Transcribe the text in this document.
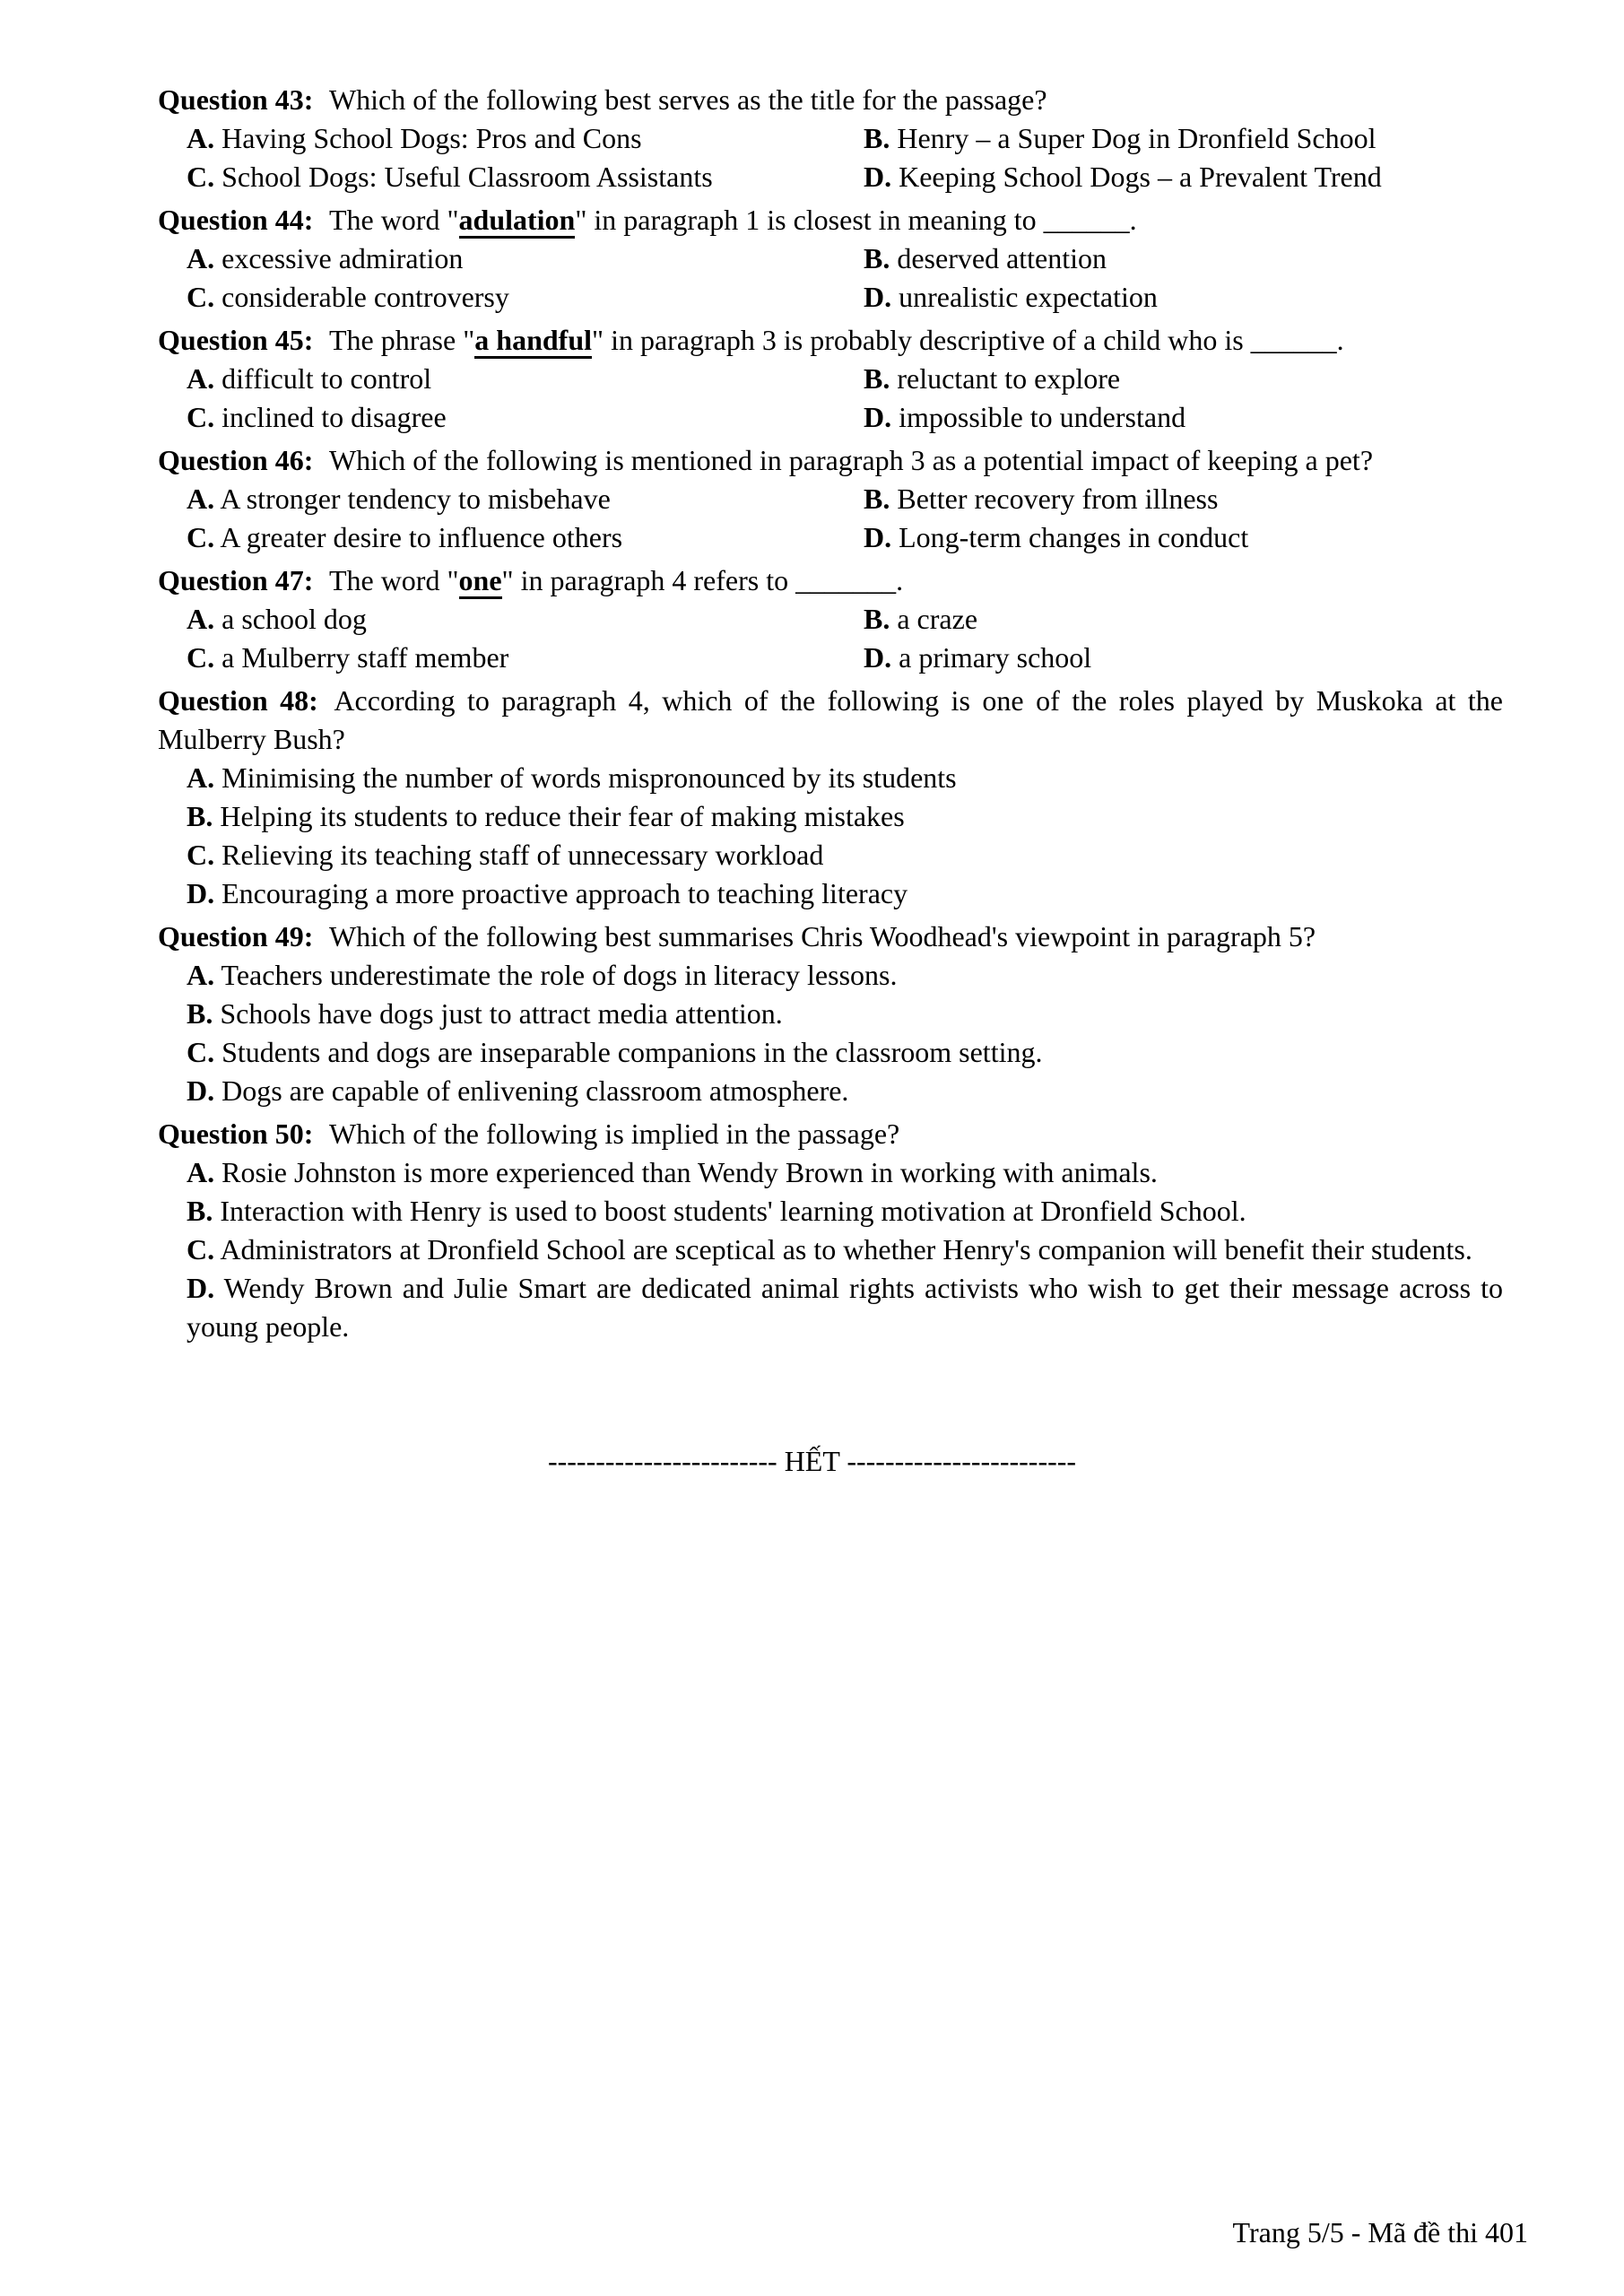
Question 43: Which of the following best serves as the title for the passage?

A. Having School Dogs: Pros and Cons	B. Henry – a Super Dog in Dronfield School
C. School Dogs: Useful Classroom Assistants	D. Keeping School Dogs – a Prevalent Trend

Question 44: The word "adulation" in paragraph 1 is closest in meaning to ______.

A. excessive admiration	B. deserved attention
C. considerable controversy	D. unrealistic expectation

Question 45: The phrase "a handful" in paragraph 3 is probably descriptive of a child who is ______.

A. difficult to control	B. reluctant to explore
C. inclined to disagree	D. impossible to understand

Question 46: Which of the following is mentioned in paragraph 3 as a potential impact of keeping a pet?

A. A stronger tendency to misbehave	B. Better recovery from illness
C. A greater desire to influence others	D. Long-term changes in conduct

Question 47: The word "one" in paragraph 4 refers to _______.

A. a school dog	B. a craze
C. a Mulberry staff member	D. a primary school

Question 48: According to paragraph 4, which of the following is one of the roles played by Muskoka at the Mulberry Bush?

A. Minimising the number of words mispronounced by its students

B. Helping its students to reduce their fear of making mistakes

C. Relieving its teaching staff of unnecessary workload

D. Encouraging a more proactive approach to teaching literacy

Question 49: Which of the following best summarises Chris Woodhead's viewpoint in paragraph 5?

A. Teachers underestimate the role of dogs in literacy lessons.

B. Schools have dogs just to attract media attention.

C. Students and dogs are inseparable companions in the classroom setting.

D. Dogs are capable of enlivening classroom atmosphere.

Question 50: Which of the following is implied in the passage?

A. Rosie Johnston is more experienced than Wendy Brown in working with animals.

B. Interaction with Henry is used to boost students' learning motivation at Dronfield School.

C. Administrators at Dronfield School are sceptical as to whether Henry's companion will benefit their students.

D. Wendy Brown and Julie Smart are dedicated animal rights activists who wish to get their message across to young people.

------------------------ HẾT ------------------------
Trang 5/5 - Mã đề thi 401
